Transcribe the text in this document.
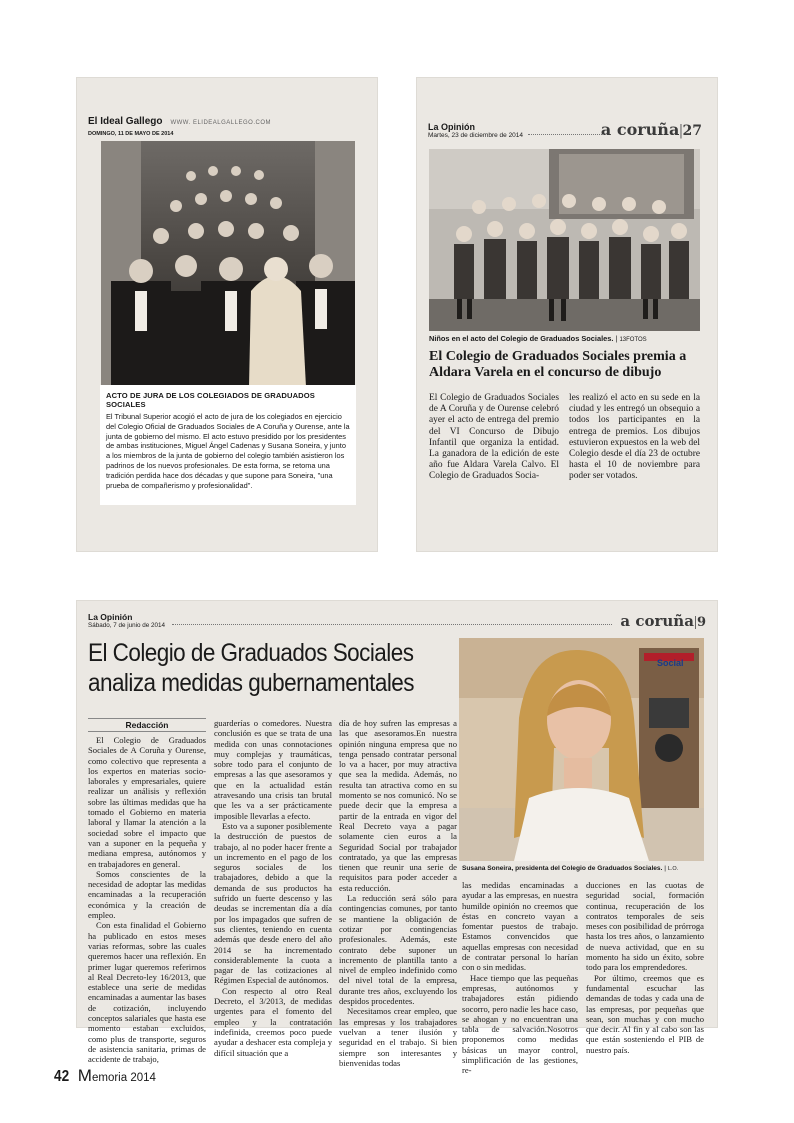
El Ideal Gallego WWW. ELIDEALGALLEGO.COM
DOMINGO, 11 DE MAYO DE 2014
ACTO DE JURA DE LOS COLEGIADOS DE GRADUADOS SOCIALES
El Tribunal Superior acogió el acto de jura de los colegiados en ejercicio del Colegio Oficial de Graduados Sociales de A Coruña y Ourense, ante la junta de gobierno del mismo. El acto estuvo presidido por los presidentes de ambas instituciones, Miguel Ángel Cadenas y Susana Soneira, y junto a los miembros de la junta de gobierno del colegio también asistieron los padrinos de los nuevos profesionales. De esta forma, se retoma una tradición perdida hace dos décadas y que supone para Soneira, "una prueba de compañerismo y profesionalidad".
La Opinión
Martes, 23 de diciembre de 2014	a coruña|27
Niños en el acto del Colegio de Graduados Sociales. | 13FOTOS
El Colegio de Graduados Sociales premia a Aldara Varela en el concurso de dibujo
El Colegio de Graduados Sociales de A Coruña y de Ourense celebró ayer el acto de entrega del premio del VI Concurso de Dibujo Infantil que organiza la entidad. La ganadora de la edición de este año fue Aldara Varela Calvo. El Colegio de Graduados Socia-
les realizó el acto en su sede en la ciudad y les entregó un obsequio a todos los participantes en la entrega de premios. Los dibujos estuvieron expuestos en la web del Colegio desde el día 23 de octubre hasta el 10 de noviembre para poder ser votados.
La Opinión
Sábado, 7 de junio de 2014	a coruña|9
El Colegio de Graduados Sociales
analiza medidas gubernamentales
Social
Susana Soneira, presidenta del Colegio de Graduados Sociales. | L.O.
Redacción

El Colegio de Graduados Sociales de A Coruña y Ourense, como colectivo que representa a los expertos en materias socio-laborales y empresariales, quiere realizar un análisis y reflexión sobre las últimas medidas que ha tomado el Gobierno en materia laboral y llamar la atención a la sociedad sobre el impacto que van a suponer en la pequeña y mediana empresa, autónomos y en trabajadores en general.

Somos conscientes de la necesidad de adoptar las medidas encaminadas a la recuperación económica y la creación de empleo.

Con esta finalidad el Gobierno ha publicado en estos meses varias reformas, sobre las cuales queremos hacer una reflexión. En primer lugar queremos referirnos al Real Decreto-ley 16/2013, que establece una serie de medidas encaminadas a aumentar las bases de cotización, incluyendo conceptos salariales que hasta ese momento estaban excluidos, como plus de transporte, seguros de asistencia sanitaria, primas de accidente de trabajo,

guarderías o comedores. Nuestra conclusión es que se trata de una medida con unas connotaciones muy complejas y traumáticas, sobre todo para el conjunto de empresas a las que asesoramos y que en la actualidad están atravesando una crisis tan brutal que les va a ser prácticamente imposible llevarlas a efecto.

Esto va a suponer posiblemente la destrucción de puestos de trabajo, al no poder hacer frente a un incremento en el pago de los seguros sociales de los trabajadores, debido a que la demanda de sus productos ha sufrido un fuerte descenso y las deudas se incrementan día a día por los impagados que sufren de sus clientes, teniendo en cuenta además que desde enero del año 2014 se ha incrementado considerablemente la cuota a pagar de las cotizaciones al Régimen Especial de autónomos.

Con respecto al otro Real Decreto, el 3/2013, de medidas urgentes para el fomento del empleo y la contratación indefinida, creemos poco puede ayudar a deshacer esta compleja y difícil situación que a

día de hoy sufren las empresas a las que asesoramos.En nuestra opinión ninguna empresa que no tenga pensado contratar personal lo va a hacer, por muy atractiva que sea la medida. Además, no resulta tan atractiva como en su momento se nos comunicó. No se puede decir que la empresa a partir de la entrada en vigor del Real Decreto vaya a pagar solamente cien euros a la Seguridad Social por trabajador contratado, ya que las empresas tienen que reunir una serie de requisitos para poder acceder a esta reducción.

La reducción será sólo para contingencias comunes, por tanto se mantiene la obligación de cotizar por contingencias profesionales. Además, este contrato debe suponer un incremento de plantilla tanto a nivel de empleo indefinido como del nivel total de la empresa, durante tres años, excluyendo los despidos procedentes.

Necesitamos crear empleo, que las empresas y los trabajadores vuelvan a tener ilusión y seguridad en el trabajo. Si bien siempre son interesantes y bienvenidas todas

las medidas encaminadas a ayudar a las empresas, en nuestra humilde opinión no creemos que éstas en concreto vayan a fomentar puestos de trabajo. Estamos convencidos que aquellas empresas con necesidad de contratar personal lo harían con o sin medidas.

Hace tiempo que las pequeñas empresas, autónomos y trabajadores están pidiendo socorro, pero nadie les hace caso, se ahogan y no encuentran una tabla de salvación.Nosotros proponemos como medidas básicas un mayor control, simplificación de las gestiones, re-

ducciones en las cuotas de seguridad social, formación continua, recuperación de los contratos temporales de seis meses con posibilidad de prórroga hasta los tres años, o lanzamiento de nueva actividad, que en su momento ha sido un éxito, sobre todo para los emprendedores.

Por último, creemos que es fundamental escuchar las demandas de todas y cada una de las empresas, por pequeñas que sean, son muchas y con mucho que decir. Al fin y al cabo son las que están sosteniendo el PIB de nuestro país.

42 Memoria 2014
